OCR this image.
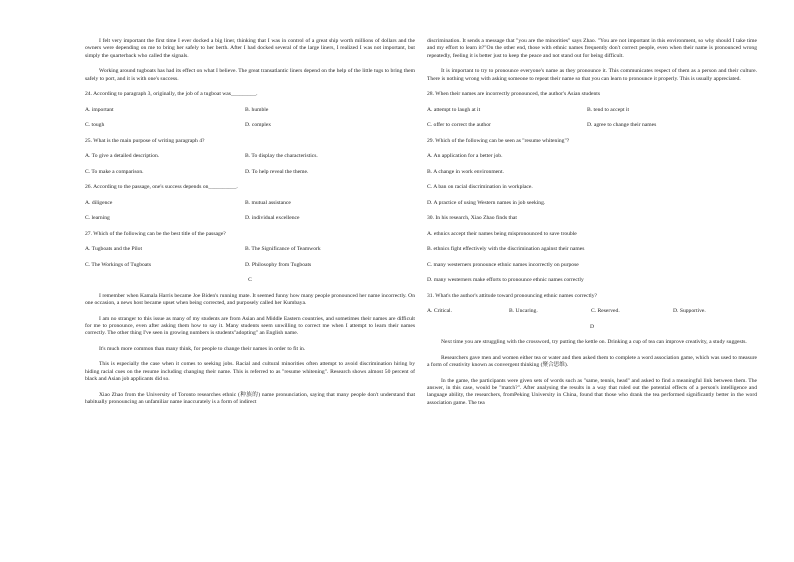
I felt very important the first time I ever docked a big liner, thinking that I was in control of a great ship worth millions of dollars and the owners were depending on me to bring her safely to her berth. After I had docked several of the large liners, I realized I was not important, but simply the quarterback who called the signals.

Working around tugboats has had its effect on what I believe. The great transatlantic liners depend on the help of the little tugs to bring them safely to port, and it is with one's success.

24. According to paragraph 3, originally, the job of a tugboat was_________.
A. important	B. humble
C. tough	D. complex
25. What is the main purpose of writing paragraph 4?
A. To give a detailed description.	B. To display the characteristics.
C. To make a comparison.	D. To help reveal the theme.
26. According to the passage, one's success depends on__________.
A. diligence	B. mutual assistance
C. learning	D. individual excellence
27. Which of the following can be the best title of the passage?
A. Tugboats and the Pilot	B. The Significance of Teamwork
C. The Workings of Tugboats	D. Philosophy from Tugboats
C

I remember when Kamala Harris became Joe Biden's running mate. It seemed funny how many people pronounced her name incorrectly. On one occasion, a news host became upset when being corrected, and purposely called her Kumbaya.

I am no stranger to this issue as many of my students are from Asian and Middle Eastern countries, and sometimes their names are difficult for me to pronounce, even after asking them how to say it. Many students seem unwilling to correct me when I attempt to learn their names correctly. The other thing I've seen in growing numbers is students"adopting" an English name.

It's much more common than many think, for people to change their names in order to fit in.

This is especially the case when it comes to seeking jobs. Racial and cultural minorities often attempt to avoid discrimination hiring by hiding racial cues on the resume including changing their name. This is referred to as "resume whitening". Research shows almost 50 percent of black and Asian job applicants did so.

Xiao Zhao from the University of Toronto researches ethnic (种族的) name pronunciation, saying that many people don't understand that habitually pronouncing an unfamiliar name inaccurately is a form of indirect

discrimination. It sends a message that "you are the minorities" says Zhao. "You are not important in this environment, so why should I take time and my effort to learn it?"On the other end, those with ethnic names frequently don't correct people, even when their name is pronounced wrong repeatedly, feeling it is better just to keep the peace and not stand out for being difficult.

It is important to try to pronounce everyone's name as they pronounce it. This communicates respect of them as a person and their culture. There is nothing wrong with asking someone to repeat their name so that you can learn to pronounce it properly. This is usually appreciated.

28. When their names are incorrectly pronounced, the author's Asian students
A. attempt to laugh at it	B. tend to accept it
C. offer to correct the author	D. agree to change their names
29. Which of the following can be seen as "resume whitening"?
A. An application for a better job.
B. A change in work environment.
C. A ban on racial discrimination in workplace.
D. A practice of using Western names in job seeking.
30. In his research, Xiao Zhao finds that
A. ethnics accept their names being mispronounced to save trouble
B. ethnics fight effectively with the discrimination against their names
C. many westerners pronounce ethnic names incorrectly on purpose
D. many westerners make efforts to pronounce ethnic names correctly
31. What's the author's attitude toward pronouncing ethnic names correctly?
A. Critical.	B. Uncaring.	C. Reserved.	D. Supportive.
D

Next time you are struggling with the crossword, try putting the kettle on. Drinking a cup of tea can improve creativity, a study suggests.

Researchers gave men and women either tea or water and then asked them to complete a word association game, which was used to measure a form of creativity known as convergent thinking (聚合思维).

In the game, the participants were given sets of words such as "same, tennis, head" and asked to find a meaningful link between them. The answer, in this case, would be "match?". After analysing the results in a way that ruled out the potential effects of a person's intelligence and language ability, the researchers, fromPeking University in China, found that those who drank the tea performed significantly better in the word association game. The tea
